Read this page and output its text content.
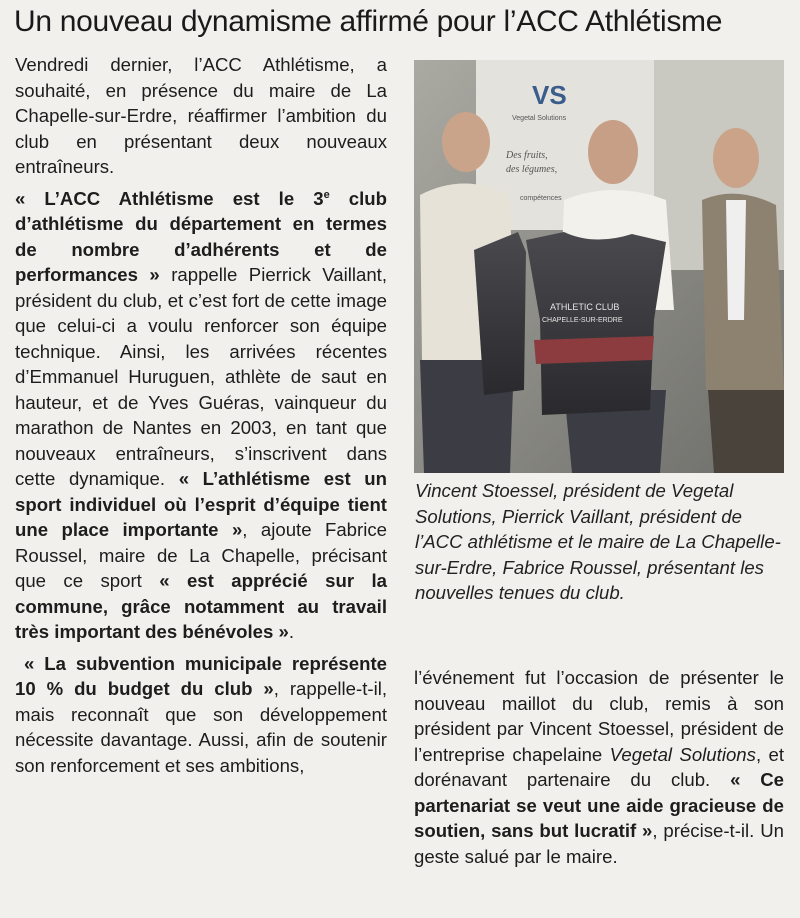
Un nouveau dynamisme affirmé pour l’ACC Athlétisme

Vendredi dernier, l’ACC Athlétisme, a souhaité, en présence du maire de La Chapelle-sur-Erdre, réaffirmer l’ambition du club en présentant deux nouveaux entraîneurs.

« L’ACC Athlétisme est le 3e club d’athlétisme du département en termes de nombre d’adhérents et de performances » rappelle Pierrick Vaillant, président du club, et c’est fort de cette image que celui-ci a voulu renforcer son équipe technique. Ainsi, les arrivées récentes d’Emmanuel Huruguen, athlète de saut en hauteur, et de Yves Guéras, vainqueur du marathon de Nantes en 2003, en tant que nouveaux entraîneurs, s’inscrivent dans cette dynamique. « L’athlétisme est un sport individuel où l’esprit d’équipe tient une place importante », ajoute Fabrice Roussel, maire de La Chapelle, précisant que ce sport « est apprécié sur la commune, grâce notamment au travail très important des bénévoles ».

« La subvention municipale représente 10 % du budget du club », rappelle-t-il, mais reconnaît que son développement nécessite davantage. Aussi, afin de soutenir son renforcement et ses ambitions,

VS
Vegetal Solutions
Des fruits,
des légumes,
compétences
ATHLETIC CLUB
CHAPELLE-SUR-ERDRE

Vincent Stoessel, président de Vegetal Solutions, Pierrick Vaillant, président de l’ACC athlétisme et le maire de La Chapelle-sur-Erdre, Fabrice Roussel, présentant les nouvelles tenues du club.

l’événement fut l’occasion de présenter le nouveau maillot du club, remis à son président par Vincent Stoessel, président de l’entreprise chapelaine Vegetal Solutions, et dorénavant partenaire du club. « Ce partenariat se veut une aide gracieuse de soutien, sans but lucratif », précise-t-il. Un geste salué par le maire.
